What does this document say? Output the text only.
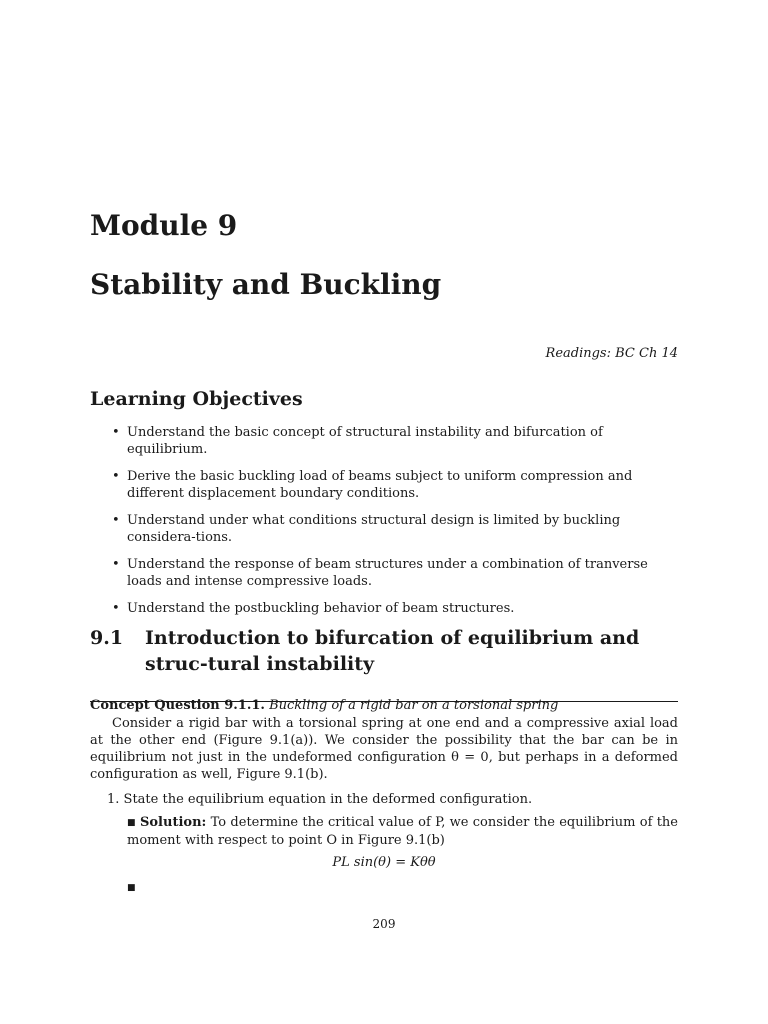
Module 9
Stability and Buckling
Readings: BC Ch 14
Learning Objectives
• Understand the basic concept of structural instability and bifurcation of equilibrium.
• Derive the basic buckling load of beams subject to uniform compression and different displacement boundary conditions.
• Understand under what conditions structural design is limited by buckling considera-tions.
• Understand the response of beam structures under a combination of tranverse loads and intense compressive loads.
• Understand the postbuckling behavior of beam structures.
9.1	Introduction to bifurcation of equilibrium and struc-tural instability
Concept Question 9.1.1. Buckling of a rigid bar on a torsional spring

Consider a rigid bar with a torsional spring at one end and a compressive axial load at the other end (Figure 9.1(a)). We consider the possibility that the bar can be in equilibrium not just in the undeformed configuration θ = 0, but perhaps in a deformed configuration as well, Figure 9.1(b).

1. State the equilibrium equation in the deformed configuration.

■ Solution: To determine the critical value of P, we consider the equilibrium of the moment with respect to point O in Figure 9.1(b)

PL sin(θ) = Kθθ
■
209
